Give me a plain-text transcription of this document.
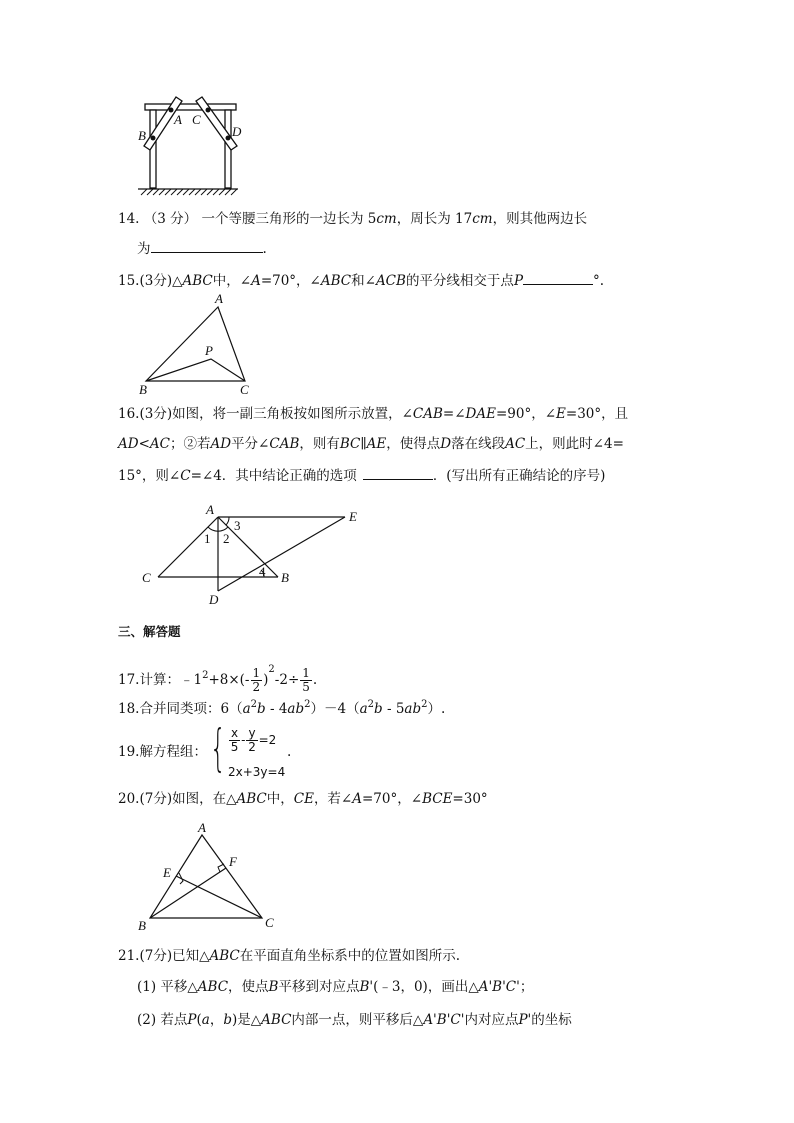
A
B
C
D
14. （3 分） 一个等腰三角形的一边长为 5cm，周长为 17cm，则其他两边长
为	.
15.(3分)△ABC中，∠A=70°，∠ABC和∠ACB的平分线相交于点P	°.
A
B	C
P
16.(3分)如图，将一副三角板按如图所示放置，∠CAB=∠DAE=90°，∠E=30°，且
AD<AC；②若AD平分∠CAB，则有BC∥AE，使得点D落在线段AC上，则此时∠4=
15°，则∠C=∠4．其中结论正确的选项	．(写出所有正确结论的序号)
A	E
C	B
D
1 2
3
4
三、解答题
17.计算：$﹣1^2+8\times(- \frac{1}{2} )^2-2\div \frac{1}{5}$ .
18.合并同类项：$6(a^2b - 4ab^2)-4(a^2b - 5ab^2)$.
19.解方程组： { $\frac{x}{5} - \frac{y}{2} =2$
2x+3y=4
.
20.(7分)如图，在△ABC中，CE，若∠A=70°，∠BCE=30°
A
B	C
E
F
21.(7分)已知△ABC在平面直角坐标系中的位置如图所示.
(1) 平移△ABC，使点B平移到对应点B'(﹣3，0)，画出△A'B'C'；
(2) 若点P(a，b)是△ABC内部一点，则平移后△A'B'C'内对应点P'的坐标
